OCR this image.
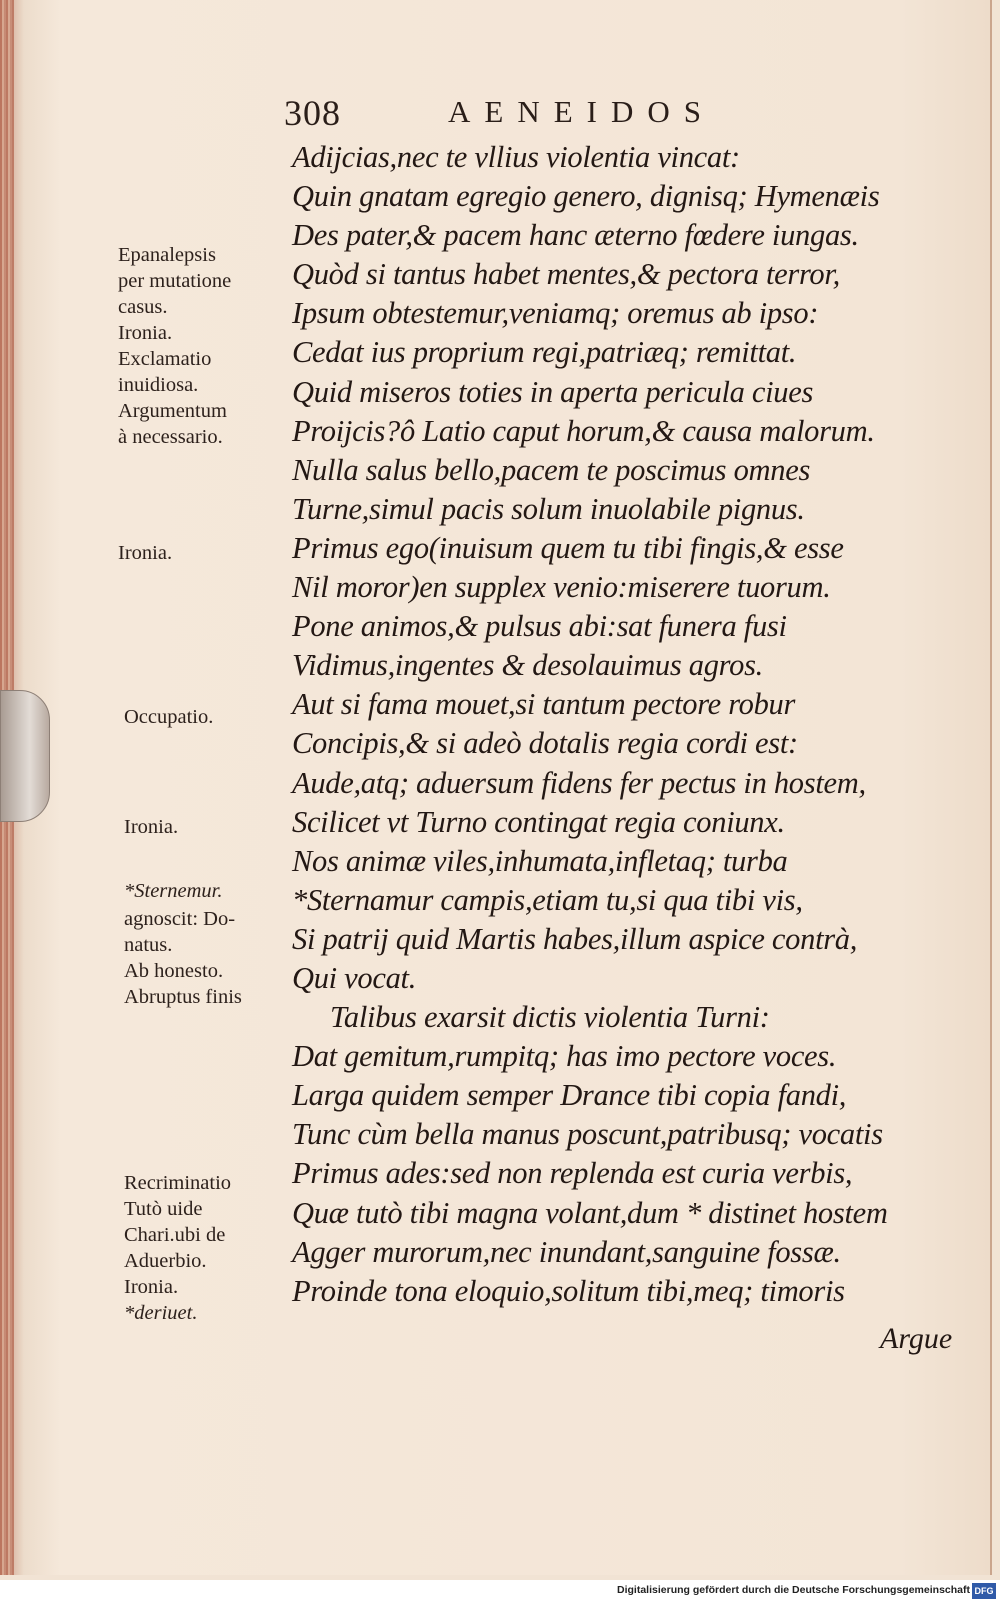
308	AENEIDOS
Adijcias,nec te vllius violentia vincat:
Quin gnatam egregio genero, dignisq; Hymenæis
Des pater,& pacem hanc æterno fœdere iungas.
Quòd si tantus habet mentes,& pectora terror,
Ipsum obtestemur,veniamq; oremus ab ipso:
Cedat ius proprium regi,patriæq; remittat.
Quid miseros toties in aperta pericula ciues
Proijcis?ô Latio caput horum,& causa malorum.
Nulla salus bello,pacem te poscimus omnes
Turne,simul pacis solum inuolabile pignus.
Primus ego(inuisum quem tu tibi fingis,& esse
Nil moror)en supplex venio:miserere tuorum.
Pone animos,& pulsus abi:sat funera fusi
Vidimus,ingentes & desolauimus agros.
Aut si fama mouet,si tantum pectore robur
Concipis,& si adeò dotalis regia cordi est:
Aude,atq; aduersum fidens fer pectus in hostem,
Scilicet vt Turno contingat regia coniunx.
Nos animæ viles,inhumata,infletaq; turba
*Sternamur campis,etiam tu,si qua tibi vis,
Si patrij quid Martis habes,illum aspice contrà,
Qui vocat.
Talibus exarsit dictis violentia Turni:
Dat gemitum,rumpitq; has imo pectore voces.
Larga quidem semper Drance tibi copia fandi,
Tunc cùm bella manus poscunt,patribusq; vocatis
Primus ades:sed non replenda est curia verbis,
Quæ tutò tibi magna volant,dum * distinet hostem
Agger murorum,nec inundant,sanguine fossæ.
Proinde tona eloquio,solitum tibi,meq; timoris
Argue
Epanalepsis
per mutatione
casus.
Ironia.
Exclamatio
inuidiosa.
Argumentum
à necessario.
Ironia.
Occupatio.
Ironia.
*Sternemur.
agnoscit: Do-
natus.
Ab honesto.
Abruptus finis
Recriminatio
Tutò uide
Chari.ubi de
Aduerbio.
Ironia.
*deriuet.
Digitalisierung gefördert durch die Deutsche Forschungsgemeinschaft DFG
